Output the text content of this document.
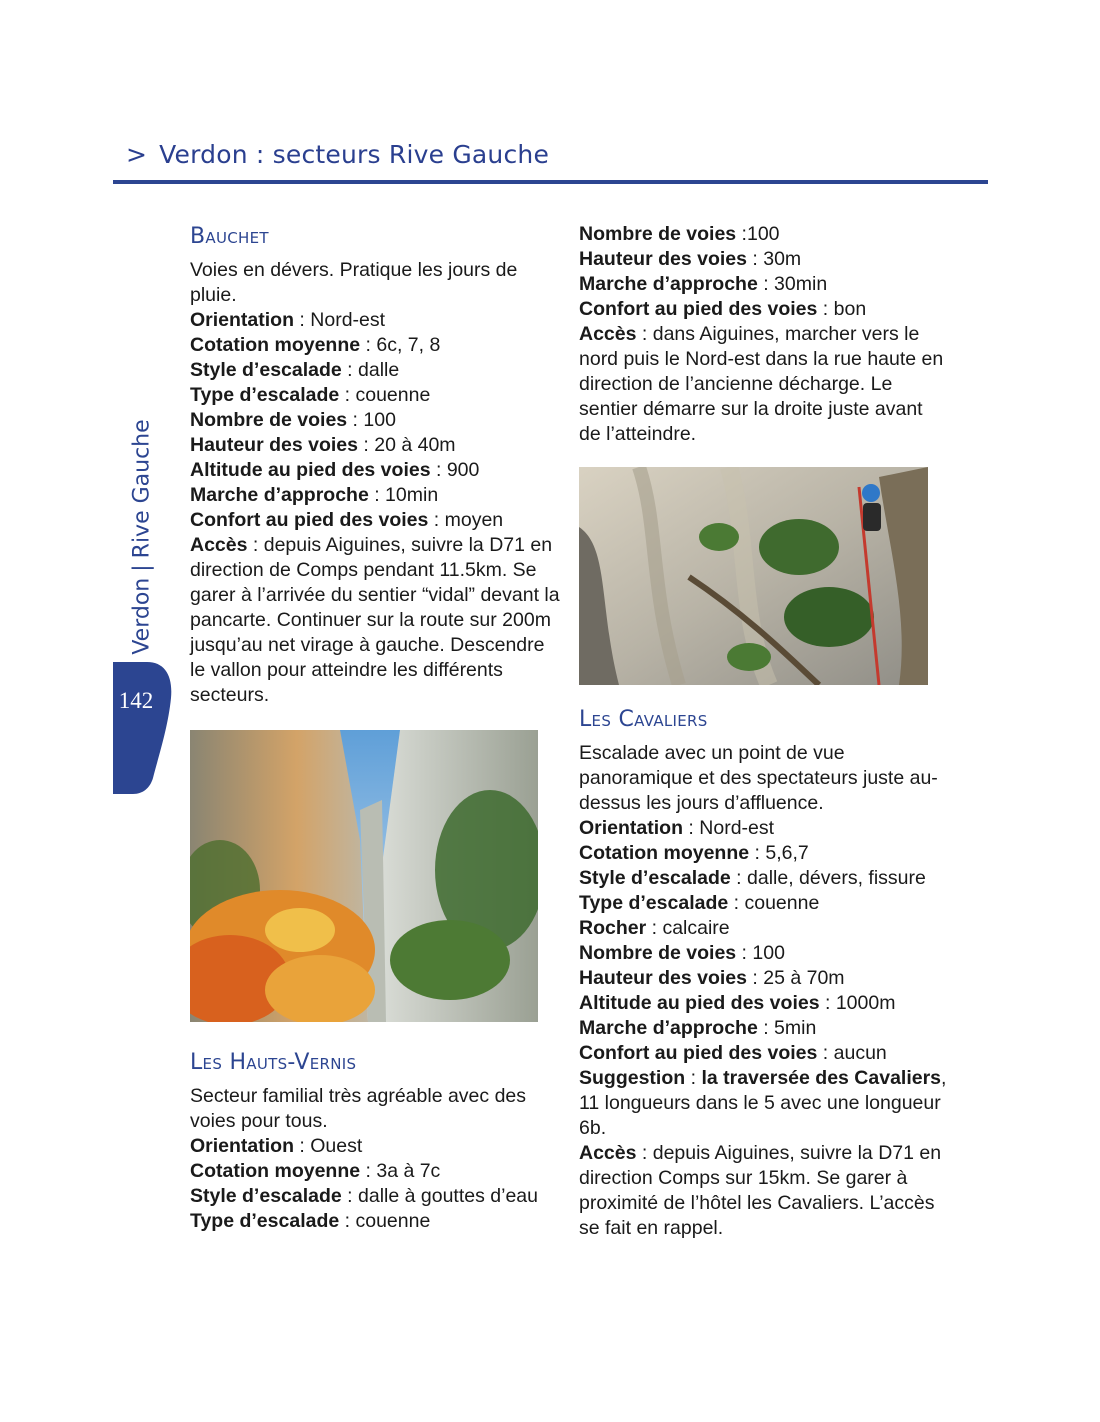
> Verdon : secteurs Rive Gauche
Verdon|Rive Gauche
142
Bauchet

Voies en dévers. Pratique les jours de pluie.

Orientation : Nord-est

Cotation moyenne : 6c, 7, 8

Style d’escalade : dalle

Type d’escalade : couenne

Nombre de voies : 100

Hauteur des voies : 20 à 40m

Altitude au pied des voies : 900

Marche d’approche : 10min

Confort au pied des voies : moyen

Accès : depuis Aiguines, suivre la D71 en direction de Comps pendant 11.5km. Se garer à l’arrivée du sentier “vidal” devant la pancarte. Continuer sur la route sur 200m jusqu’au net virage à gauche. Descendre le vallon pour atteindre les différents secteurs.

Les Hauts-Vernis

Secteur familial très agréable avec des voies pour tous.

Orientation : Ouest

Cotation moyenne : 3a à 7c

Style d’escalade : dalle à gouttes d’eau

Type d’escalade : couenne

Nombre de voies :100

Hauteur des voies : 30m

Marche d’approche : 30min

Confort au pied des voies : bon

Accès : dans Aiguines, marcher vers le nord puis le Nord-est dans la rue haute en direction de l’ancienne décharge. Le sentier démarre sur la droite juste avant de l’atteindre.

Les Cavaliers

Escalade avec un point de vue panoramique et des spectateurs juste au-dessus les jours d’affluence.

Orientation : Nord-est

Cotation moyenne : 5,6,7

Style d’escalade : dalle, dévers, fissure

Type d’escalade : couenne

Rocher : calcaire

Nombre de voies : 100

Hauteur des voies : 25 à 70m

Altitude au pied des voies : 1000m

Marche d’approche : 5min

Confort au pied des voies : aucun

Suggestion : la traversée des Cavaliers, 11 longueurs dans le 5 avec une longueur 6b.

Accès : depuis Aiguines, suivre la D71 en direction Comps sur 15km. Se garer à proximité de l’hôtel les Cavaliers. L’accès se fait en rappel.
